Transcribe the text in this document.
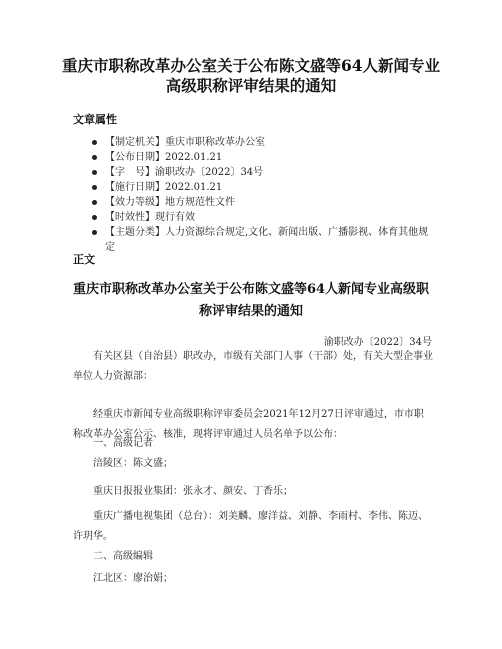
重庆市职称改革办公室关于公布陈文盛等64人新闻专业高级职称评审结果的通知
文章属性
【制定机关】重庆市职称改革办公室
【公布日期】2022.01.21
【字　号】渝职改办〔2022〕34号
【施行日期】2022.01.21
【效力等级】地方规范性文件
【时效性】现行有效
【主题分类】人力资源综合规定,文化、新闻出版、广播影视、体育其他规定
正文
重庆市职称改革办公室关于公布陈文盛等64人新闻专业高级职称评审结果的通知
渝职改办〔2022〕34号
有关区县（自治县）职改办，市级有关部门人事（干部）处，有关大型企事业单位人力资源部：
经重庆市新闻专业高级职称评审委员会2021年12月27日评审通过，市市职称改革办公室公示、核准，现将评审通过人员名单予以公布：
一、高级记者
涪陵区：陈文盛；
重庆日报报业集团：张永才、颜安、丁香乐；
重庆广播电视集团（总台）：刘美麟、廖洋益、刘静、李雨村、李伟、陈迈、许玥华。
二、高级编辑
江北区：廖治娟；
